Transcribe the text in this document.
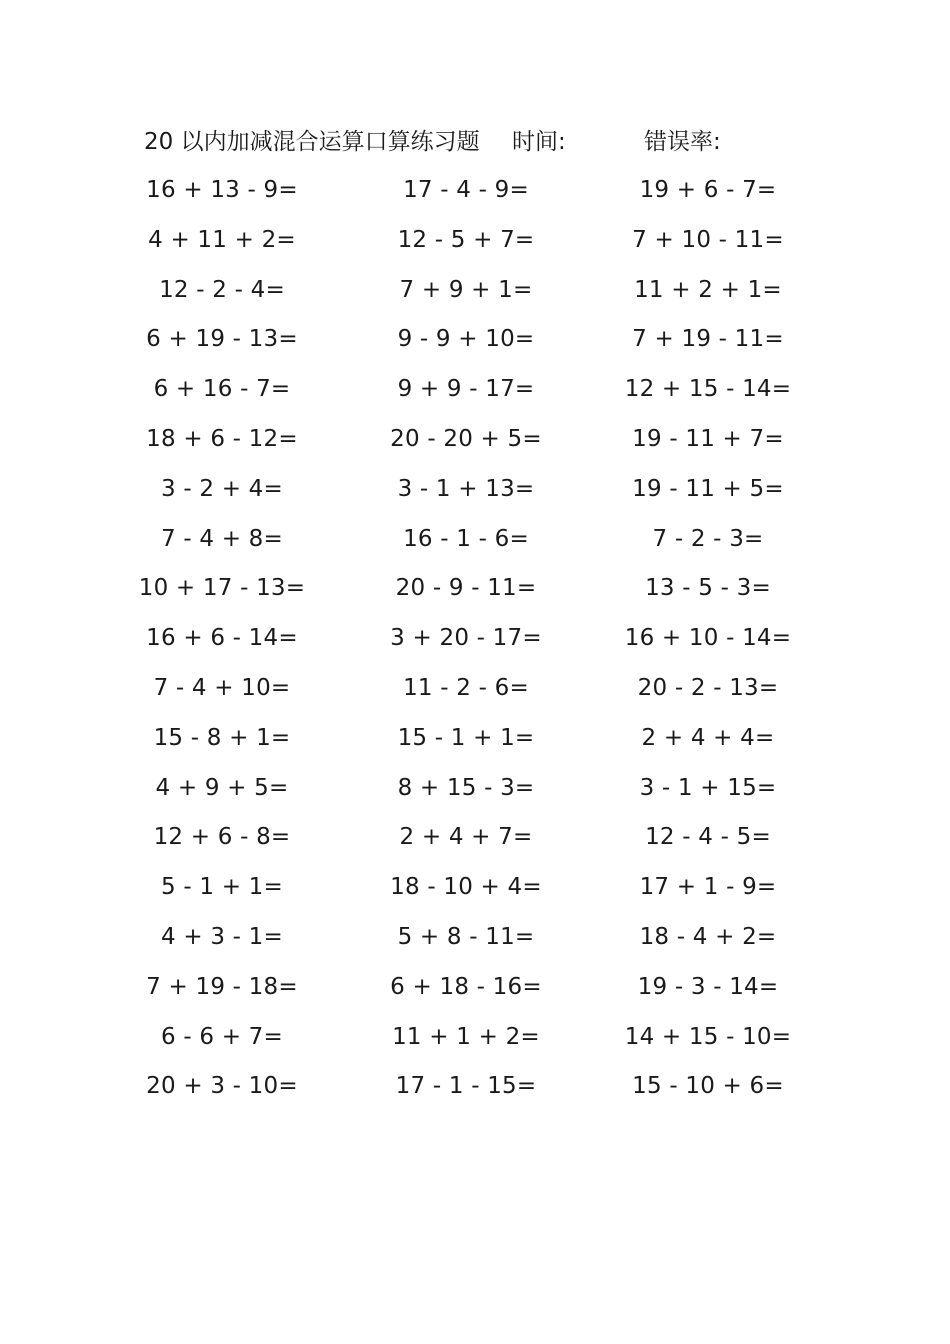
20 以内加减混合运算口算练习题 时间:	错误率:
16 + 13 - 9=	17 - 4 - 9=	19 + 6 - 7=
4 + 11 + 2=	12 - 5 + 7=	7 + 10 - 11=
12 - 2 - 4=	7 + 9 + 1=	11 + 2 + 1=
6 + 19 - 13=	9 - 9 + 10=	7 + 19 - 11=
6 + 16 - 7=	9 + 9 - 17=	12 + 15 - 14=
18 + 6 - 12=	20 - 20 + 5=	19 - 11 + 7=
3 - 2 + 4=	3 - 1 + 13=	19 - 11 + 5=
7 - 4 + 8=	16 - 1 - 6=	7 - 2 - 3=
10 + 17 - 13=	20 - 9 - 11=	13 - 5 - 3=
16 + 6 - 14=	3 + 20 - 17=	16 + 10 - 14=
7 - 4 + 10=	11 - 2 - 6=	20 - 2 - 13=
15 - 8 + 1=	15 - 1 + 1=	2 + 4 + 4=
4 + 9 + 5=	8 + 15 - 3=	3 - 1 + 15=
12 + 6 - 8=	2 + 4 + 7=	12 - 4 - 5=
5 - 1 + 1=	18 - 10 + 4=	17 + 1 - 9=
4 + 3 - 1=	5 + 8 - 11=	18 - 4 + 2=
7 + 19 - 18=	6 + 18 - 16=	19 - 3 - 14=
6 - 6 + 7=	11 + 1 + 2=	14 + 15 - 10=
20 + 3 - 10=	17 - 1 - 15=	15 - 10 + 6=
